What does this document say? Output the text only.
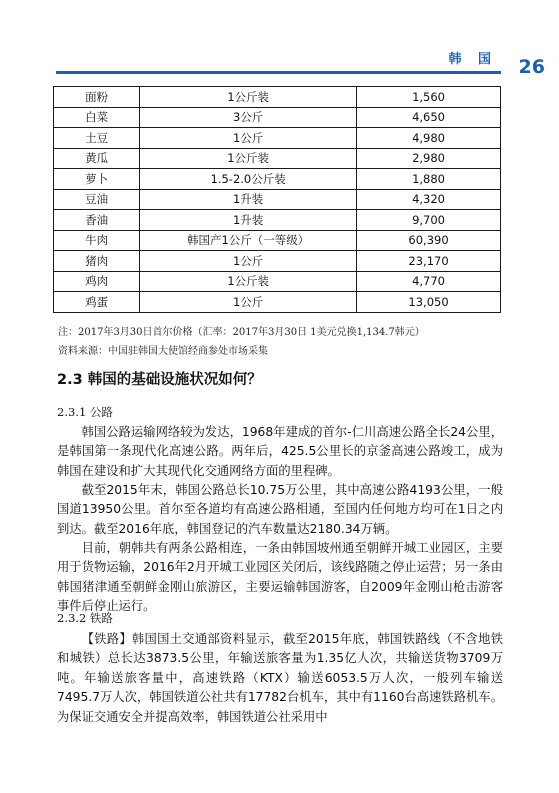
韩 国 26
面粉	1公斤装	1,560
白菜	3公斤	4,650
土豆	1公斤	4,980
黄瓜	1公斤装	2,980
萝卜	1.5-2.0公斤装	1,880
豆油	1升装	4,320
香油	1升装	9,700
牛肉	韩国产1公斤（一等级）	60,390
猪肉	1公斤	23,170
鸡肉	1公斤装	4,770
鸡蛋	1公斤	13,050
注：2017年3月30日首尔价格（汇率：2017年3月30日 1美元兑换1,134.7韩元）
资料来源：中国驻韩国大使馆经商参处市场采集
2.3 韩国的基础设施状况如何？
2.3.1 公路

韩国公路运输网络较为发达，1968年建成的首尔-仁川高速公路全长24公里，是韩国第一条现代化高速公路。两年后，425.5公里长的京釜高速公路竣工，成为韩国在建设和扩大其现代化交通网络方面的里程碑。

截至2015年末，韩国公路总长10.75万公里，其中高速公路4193公里，一般国道13950公里。首尔至各道均有高速公路相通，至国内任何地方均可在1日之内到达。截至2016年底，韩国登记的汽车数量达2180.34万辆。

目前，朝韩共有两条公路相连，一条由韩国坡州通至朝鲜开城工业园区，主要用于货物运输，2016年2月开城工业园区关闭后，该线路随之停止运营；另一条由韩国猪津通至朝鲜金刚山旅游区，主要运输韩国游客，自2009年金刚山枪击游客事件后停止运行。

2.3.2 铁路

【铁路】韩国国土交通部资料显示，截至2015年底，韩国铁路线（不含地铁和城铁）总长达3873.5公里，年输送旅客量为1.35亿人次，共输送货物3709万吨。年输送旅客量中，高速铁路（KTX）输送6053.5万人次，一般列车输送7495.7万人次，韩国铁道公社共有17782台机车，其中有1160台高速铁路机车。为保证交通安全并提高效率，韩国铁道公社采用中
